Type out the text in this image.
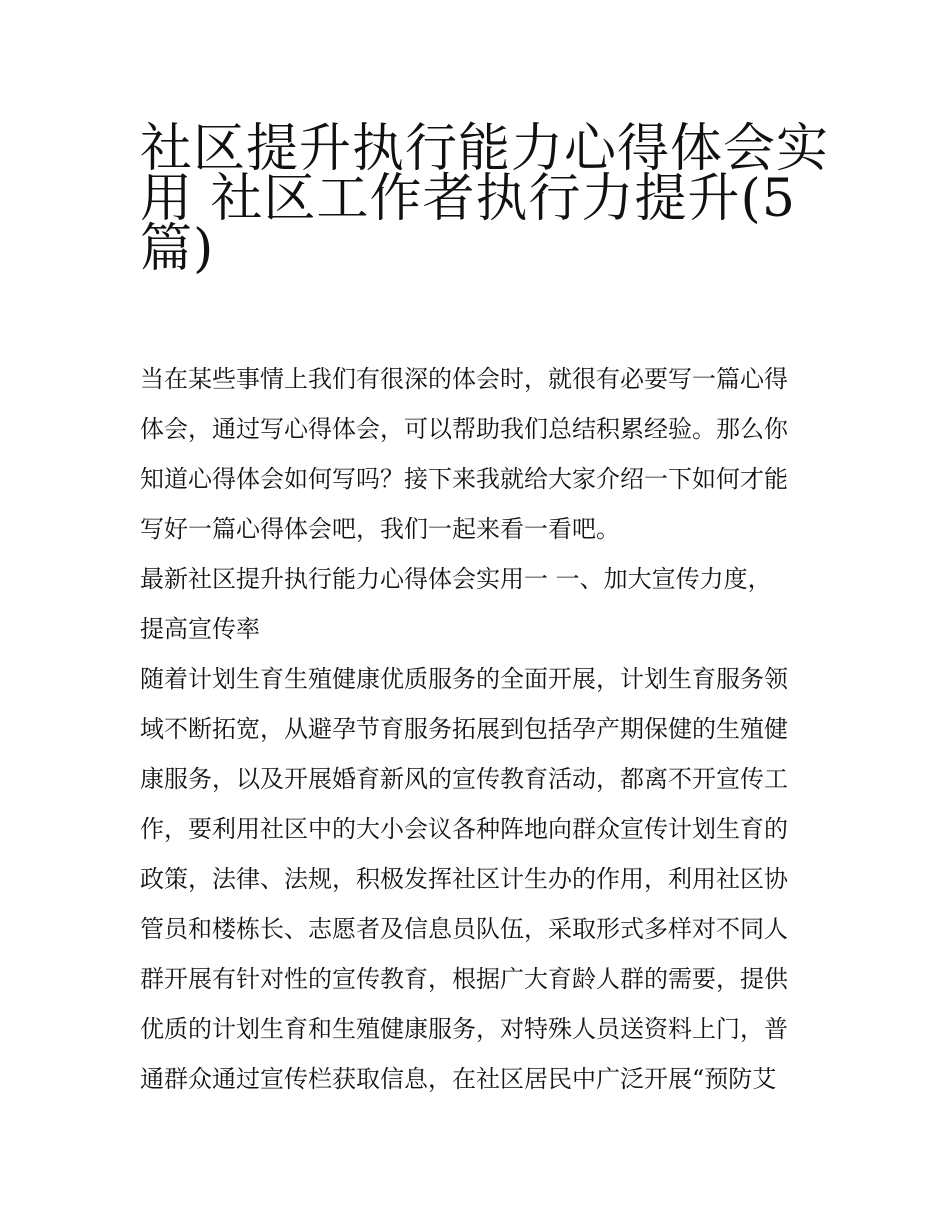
社区提升执行能力心得体会实
用 社区工作者执行力提升(5
篇)

当在某些事情上我们有很深的体会时，就很有必要写一篇心得
体会，通过写心得体会，可以帮助我们总结积累经验。那么你
知道心得体会如何写吗？接下来我就给大家介绍一下如何才能
写好一篇心得体会吧，我们一起来看一看吧。

最新社区提升执行能力心得体会实用一 一、加大宣传力度，
提高宣传率

随着计划生育生殖健康优质服务的全面开展，计划生育服务领
域不断拓宽，从避孕节育服务拓展到包括孕产期保健的生殖健
康服务，以及开展婚育新风的宣传教育活动，都离不开宣传工
作，要利用社区中的大小会议各种阵地向群众宣传计划生育的
政策，法律、法规，积极发挥社区计生办的作用，利用社区协
管员和楼栋长、志愿者及信息员队伍，采取形式多样对不同人
群开展有针对性的宣传教育，根据广大育龄人群的需要，提供
优质的计划生育和生殖健康服务，对特殊人员送资料上门，普
通群众通过宣传栏获取信息，在社区居民中广泛开展“预防艾
